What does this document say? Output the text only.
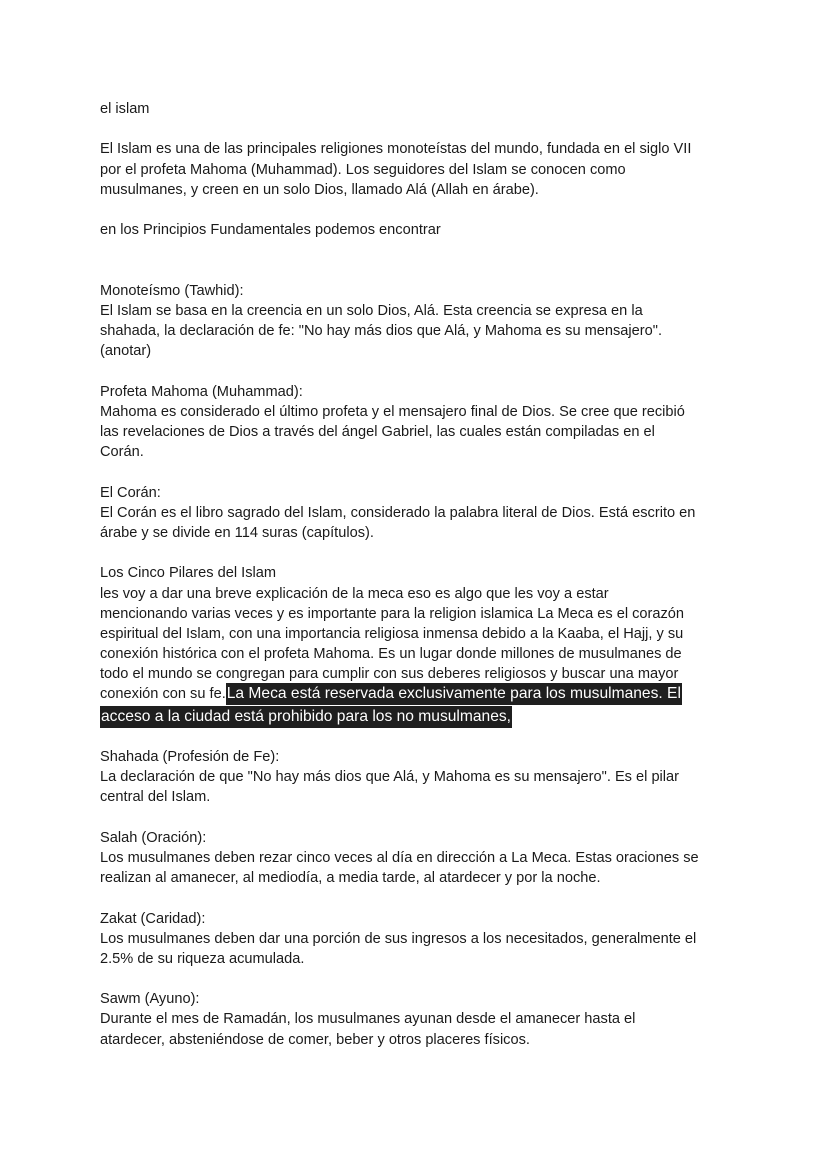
el islam
El Islam es una de las principales religiones monoteístas del mundo, fundada en el siglo VII
por el profeta Mahoma (Muhammad). Los seguidores del Islam se conocen como
musulmanes, y creen en un solo Dios, llamado Alá (Allah en árabe).
en los Principios Fundamentales podemos encontrar
Monoteísmo (Tawhid):
El Islam se basa en la creencia en un solo Dios, Alá. Esta creencia se expresa en la
shahada, la declaración de fe: "No hay más dios que Alá, y Mahoma es su mensajero".
(anotar)
Profeta Mahoma (Muhammad):
Mahoma es considerado el último profeta y el mensajero final de Dios. Se cree que recibió
las revelaciones de Dios a través del ángel Gabriel, las cuales están compiladas en el
Corán.
El Corán:
El Corán es el libro sagrado del Islam, considerado la palabra literal de Dios. Está escrito en
árabe y se divide en 114 suras (capítulos).
Los Cinco Pilares del Islam
les voy a dar una breve explicación de la meca eso es algo que les voy a estar
mencionando varias veces y es importante para la religion islamica La Meca es el corazón
espiritual del Islam, con una importancia religiosa inmensa debido a la Kaaba, el Hajj, y su
conexión histórica con el profeta Mahoma. Es un lugar donde millones de musulmanes de
todo el mundo se congregan para cumplir con sus deberes religiosos y buscar una mayor
conexión con su fe.La Meca está reservada exclusivamente para los musulmanes. El
acceso a la ciudad está prohibido para los no musulmanes,
Shahada (Profesión de Fe):
La declaración de que "No hay más dios que Alá, y Mahoma es su mensajero". Es el pilar
central del Islam.
Salah (Oración):
Los musulmanes deben rezar cinco veces al día en dirección a La Meca. Estas oraciones se
realizan al amanecer, al mediodía, a media tarde, al atardecer y por la noche.
Zakat (Caridad):
Los musulmanes deben dar una porción de sus ingresos a los necesitados, generalmente el
2.5% de su riqueza acumulada.
Sawm (Ayuno):
Durante el mes de Ramadán, los musulmanes ayunan desde el amanecer hasta el
atardecer, absteniéndose de comer, beber y otros placeres físicos.
